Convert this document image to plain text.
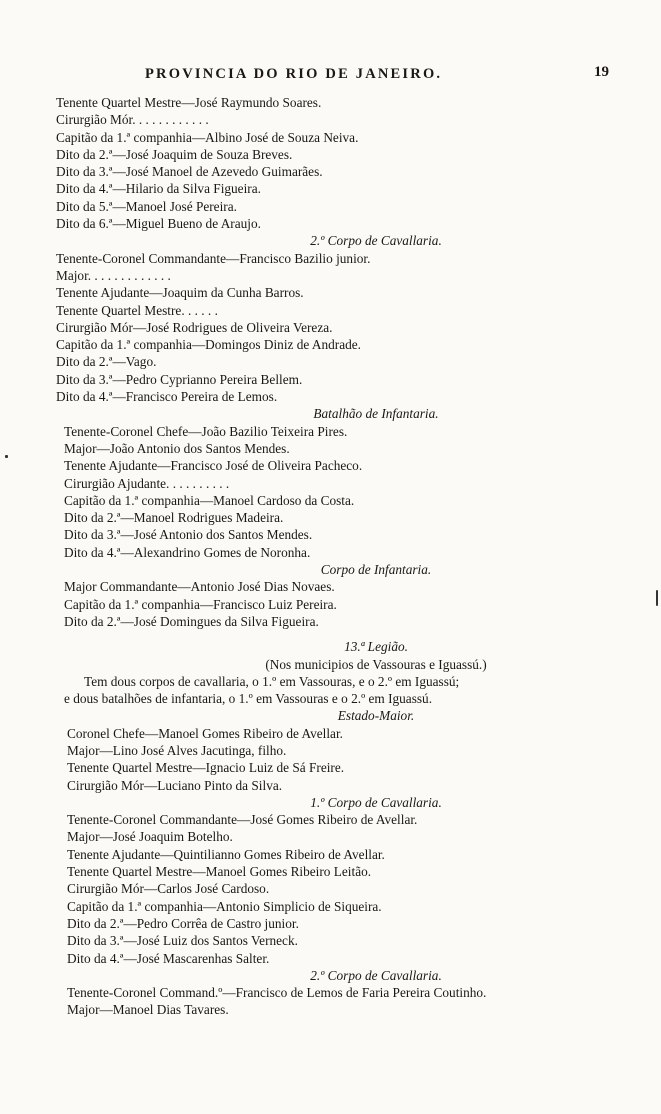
PROVINCIA DO RIO DE JANEIRO.	19
Tenente Quartel Mestre—José Raymundo Soares.
Cirurgião Mór. . . . . . . . . . . .
Capitão da 1.ª companhia—Albino José de Souza Neiva.
Dito da 2.ª—José Joaquim de Souza Breves.
Dito da 3.ª—José Manoel de Azevedo Guimarães.
Dito da 4.ª—Hilario da Silva Figueira.
Dito da 5.ª—Manoel José Pereira.
Dito da 6.ª—Miguel Bueno de Araujo.
2.º Corpo de Cavallaria.
Tenente-Coronel Commandante—Francisco Bazilio junior.
Major. . . . . . . . . . . . .
Tenente Ajudante—Joaquim da Cunha Barros.
Tenente Quartel Mestre. . . . . .
Cirurgião Mór—José Rodrigues de Oliveira Vereza.
Capitão da 1.ª companhia—Domingos Diniz de Andrade.
Dito da 2.ª—Vago.
Dito da 3.ª—Pedro Cyprianno Pereira Bellem.
Dito da 4.ª—Francisco Pereira de Lemos.
Batalhão de Infantaria.
Tenente-Coronel Chefe—João Bazilio Teixeira Pires.
Major—João Antonio dos Santos Mendes.
Tenente Ajudante—Francisco José de Oliveira Pacheco.
Cirurgião Ajudante. . . . . . . . . .
Capitão da 1.ª companhia—Manoel Cardoso da Costa.
Dito da 2.ª—Manoel Rodrigues Madeira.
Dito da 3.ª—José Antonio dos Santos Mendes.
Dito da 4.ª—Alexandrino Gomes de Noronha.
Corpo de Infantaria.
Major Commandante—Antonio José Dias Novaes.
Capitão da 1.ª companhia—Francisco Luiz Pereira.
Dito da 2.ª—José Domingues da Silva Figueira.
13.ª Legião.
(Nos municipios de Vassouras e Iguassú.)
Tem dous corpos de cavallaria, o 1.º em Vassouras, e o 2.º em Iguassú;
e dous batalhões de infantaria, o 1.º em Vassouras e o 2.º em Iguassú.
Estado-Maior.
Coronel Chefe—Manoel Gomes Ribeiro de Avellar.
Major—Lino José Alves Jacutinga, filho.
Tenente Quartel Mestre—Ignacio Luiz de Sá Freire.
Cirurgião Mór—Luciano Pinto da Silva.
1.º Corpo de Cavallaria.
Tenente-Coronel Commandante—José Gomes Ribeiro de Avellar.
Major—José Joaquim Botelho.
Tenente Ajudante—Quintilianno Gomes Ribeiro de Avellar.
Tenente Quartel Mestre—Manoel Gomes Ribeiro Leitão.
Cirurgião Mór—Carlos José Cardoso.
Capitão da 1.ª companhia—Antonio Simplicio de Siqueira.
Dito da 2.ª—Pedro Corrêa de Castro junior.
Dito da 3.ª—José Luiz dos Santos Verneck.
Dito da 4.ª—José Mascarenhas Salter.
2.º Corpo de Cavallaria.
Tenente-Coronel Command.º—Francisco de Lemos de Faria Pereira Coutinho.
Major—Manoel Dias Tavares.
